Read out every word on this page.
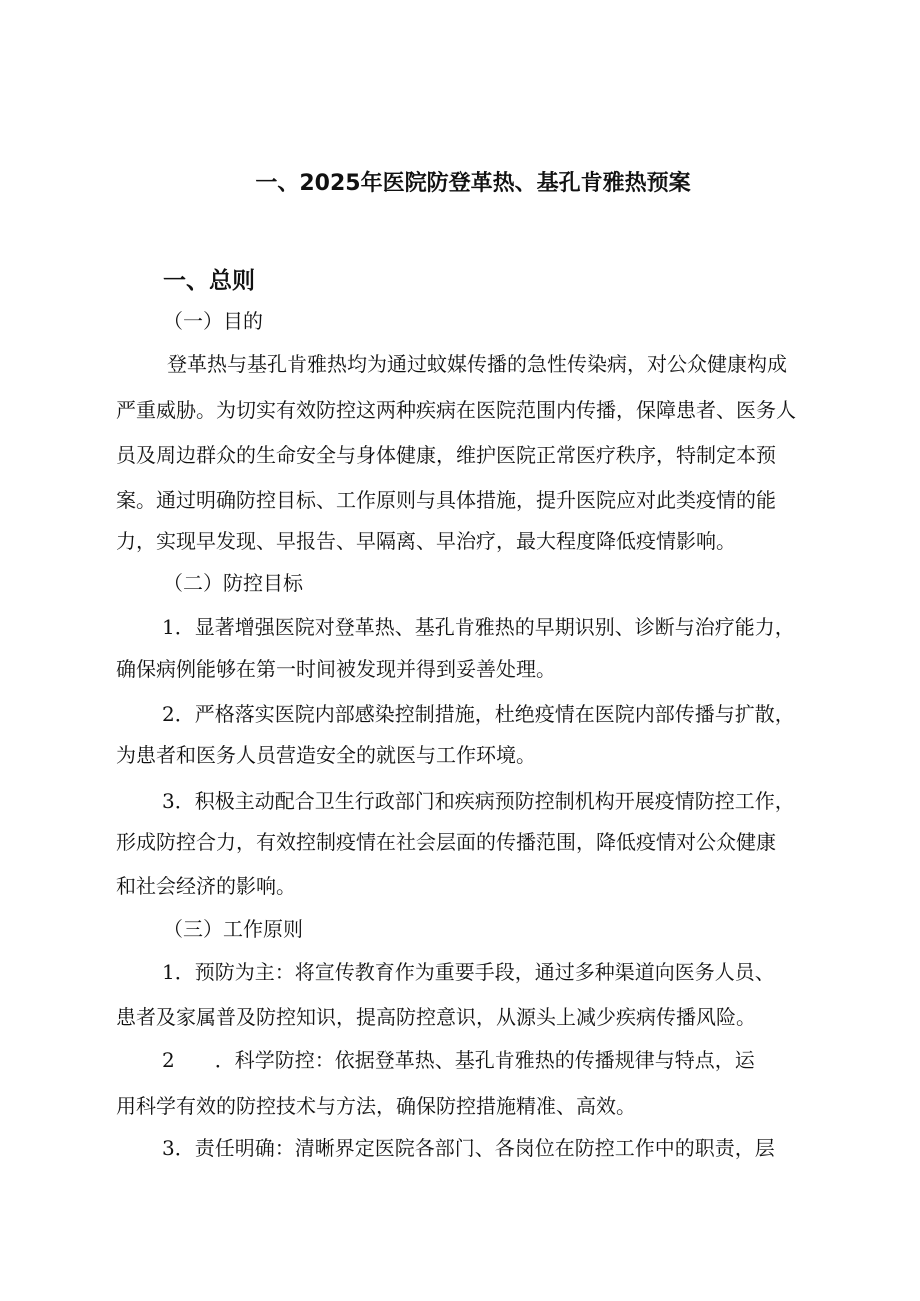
一、2025年医院防登革热、基孔肯雅热预案
一、总则
（一）目的
登革热与基孔肯雅热均为通过蚊媒传播的急性传染病，对公众健康构成
严重威胁。为切实有效防控这两种疾病在医院范围内传播，保障患者、医务人
员及周边群众的生命安全与身体健康，维护医院正常医疗秩序，特制定本预
案。通过明确防控目标、工作原则与具体措施，提升医院应对此类疫情的能
力，实现早发现、早报告、早隔离、早治疗，最大程度降低疫情影响。
（二）防控目标
1．显著增强医院对登革热、基孔肯雅热的早期识别、诊断与治疗能力，
确保病例能够在第一时间被发现并得到妥善处理。
2．严格落实医院内部感染控制措施，杜绝疫情在医院内部传播与扩散，
为患者和医务人员营造安全的就医与工作环境。
3．积极主动配合卫生行政部门和疾病预防控制机构开展疫情防控工作，
形成防控合力，有效控制疫情在社会层面的传播范围，降低疫情对公众健康
和社会经济的影响。
（三）工作原则
1．预防为主：将宣传教育作为重要手段，通过多种渠道向医务人员、
患者及家属普及防控知识，提高防控意识，从源头上减少疾病传播风险。
2　　．科学防控：依据登革热、基孔肯雅热的传播规律与特点，运
用科学有效的防控技术与方法，确保防控措施精准、高效。
3．责任明确：清晰界定医院各部门、各岗位在防控工作中的职责，层
